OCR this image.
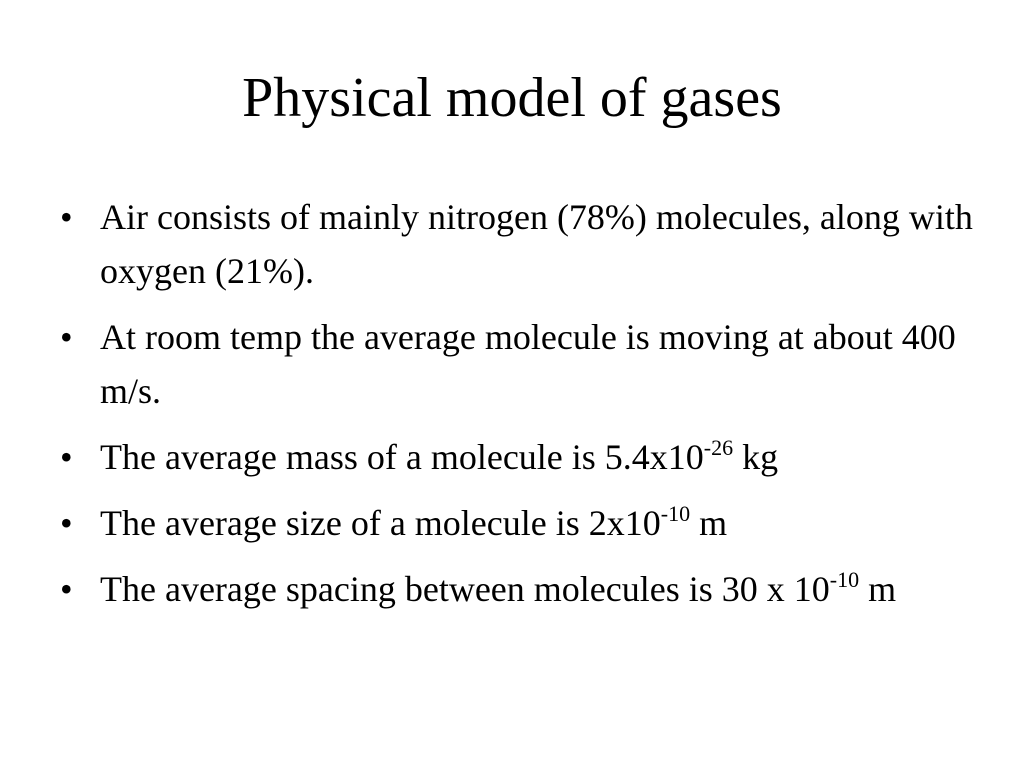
Physical model of gases
• Air consists of mainly nitrogen (78%) molecules, along with oxygen (21%).
• At room temp the average molecule is moving at about 400 m/s.
• The average mass of a molecule is $5.4x10^{-26}$ kg
• The average size of a molecule is $2x10^{-10}$ m
• The average spacing between molecules is 30 x $10^{-10}$ m
